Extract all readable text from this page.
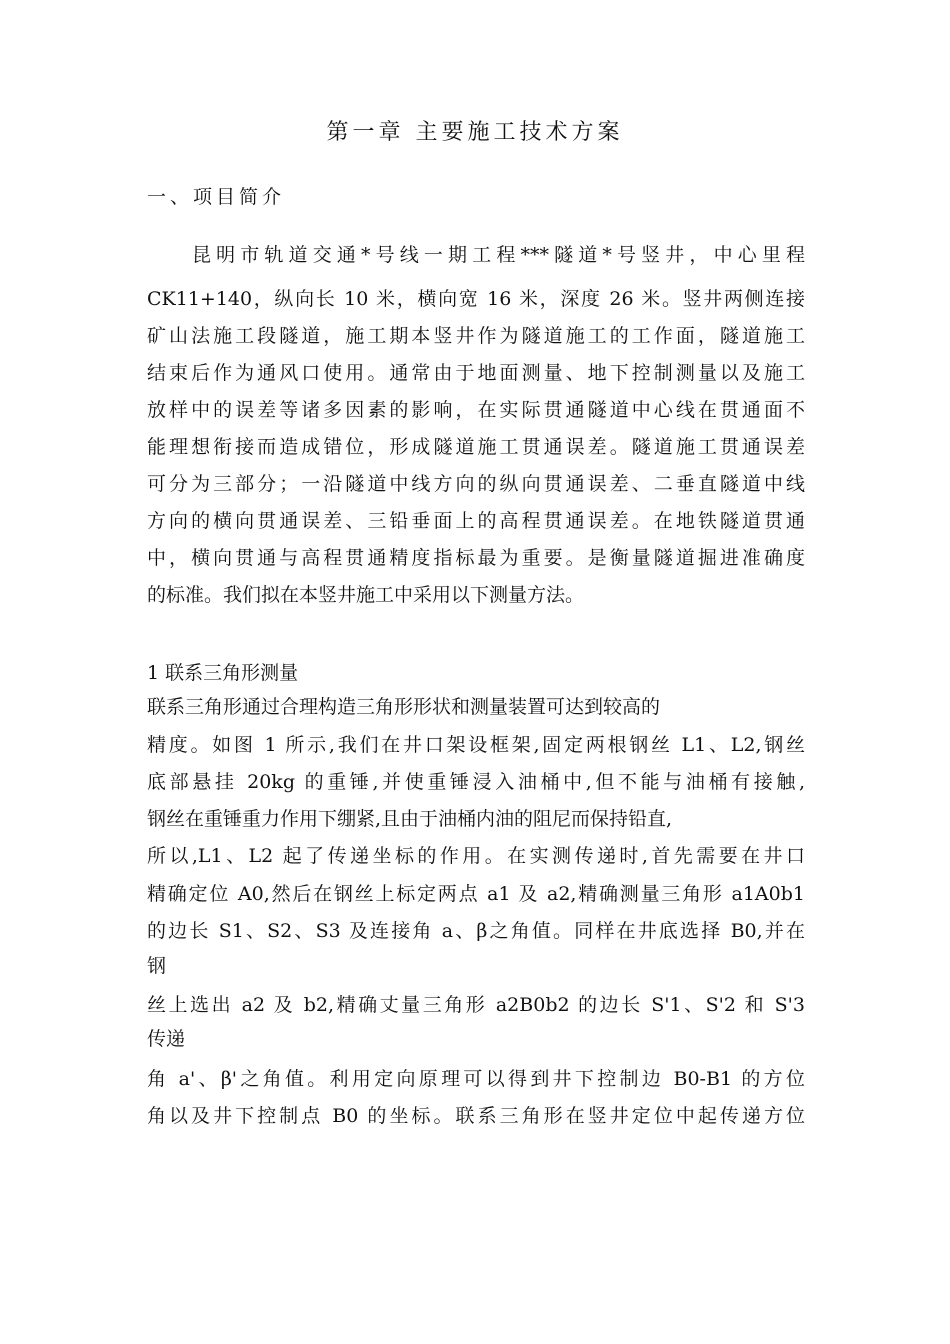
第一章 主要施工技术方案
一、项目简介
昆明市轨道交通*号线一期工程***隧道*号竖井，中心里程
CK11+140，纵向长 10 米，横向宽 16 米，深度 26 米。竖井两侧连接
矿山法施工段隧道，施工期本竖井作为隧道施工的工作面，隧道施工
结束后作为通风口使用。通常由于地面测量、地下控制测量以及施工
放样中的误差等诸多因素的影响，在实际贯通隧道中心线在贯通面不
能理想衔接而造成错位，形成隧道施工贯通误差。隧道施工贯通误差
可分为三部分；一沿隧道中线方向的纵向贯通误差、二垂直隧道中线
方向的横向贯通误差、三铅垂面上的高程贯通误差。在地铁隧道贯通
中，横向贯通与高程贯通精度指标最为重要。是衡量隧道掘进准确度
的标准。我们拟在本竖井施工中采用以下测量方法。
1 联系三角形测量
联系三角形通过合理构造三角形形状和测量装置可达到较高的
精度。如图 1 所示,我们在井口架设框架,固定两根钢丝 L1、L2,钢丝
底部悬挂 20kg 的重锤,并使重锤浸入油桶中,但不能与油桶有接触,
钢丝在重锤重力作用下绷紧,且由于油桶内油的阻尼而保持铅直,
所以,L1、L2 起了传递坐标的作用。在实测传递时,首先需要在井口
精确定位 A0,然后在钢丝上标定两点 a1 及 a2,精确测量三角形 a1A0b1
的边长 S1、S2、S3 及连接角 a、β之角值。同样在井底选择 B0,并在
钢
丝上选出 a2 及 b2,精确丈量三角形 a2B0b2 的边长 S'1、S'2 和 S'3
传递
角 a'、β'之角值。利用定向原理可以得到井下控制边 B0-B1 的方位
角以及井下控制点 B0 的坐标。联系三角形在竖井定位中起传递方位
